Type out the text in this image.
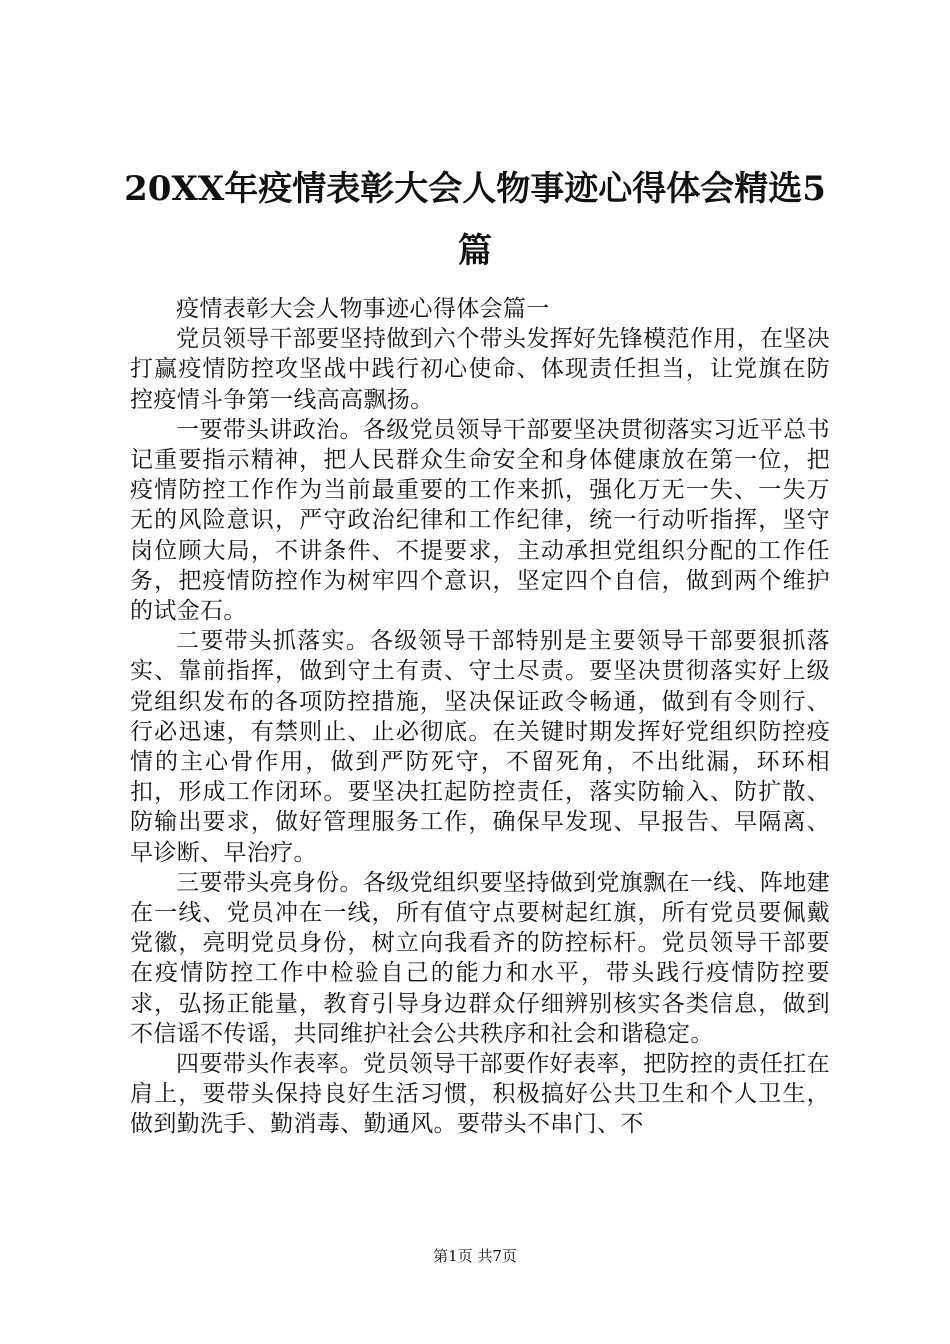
20XX年疫情表彰大会人物事迹心得体会精选5篇

疫情表彰大会人物事迹心得体会篇一

党员领导干部要坚持做到六个带头发挥好先锋模范作用，在坚决打赢疫情防控攻坚战中践行初心使命、体现责任担当，让党旗在防控疫情斗争第一线高高飘扬。

一要带头讲政治。各级党员领导干部要坚决贯彻落实习近平总书记重要指示精神，把人民群众生命安全和身体健康放在第一位，把疫情防控工作作为当前最重要的工作来抓，强化万无一失、一失万无的风险意识，严守政治纪律和工作纪律，统一行动听指挥，坚守岗位顾大局，不讲条件、不提要求，主动承担党组织分配的工作任务，把疫情防控作为树牢四个意识，坚定四个自信，做到两个维护的试金石。

二要带头抓落实。各级领导干部特别是主要领导干部要狠抓落实、靠前指挥，做到守土有责、守土尽责。要坚决贯彻落实好上级党组织发布的各项防控措施，坚决保证政令畅通，做到有令则行、行必迅速，有禁则止、止必彻底。在关键时期发挥好党组织防控疫情的主心骨作用，做到严防死守，不留死角，不出纰漏，环环相扣，形成工作闭环。要坚决扛起防控责任，落实防输入、防扩散、防输出要求，做好管理服务工作，确保早发现、早报告、早隔离、早诊断、早治疗。

三要带头亮身份。各级党组织要坚持做到党旗飘在一线、阵地建在一线、党员冲在一线，所有值守点要树起红旗，所有党员要佩戴党徽，亮明党员身份，树立向我看齐的防控标杆。党员领导干部要在疫情防控工作中检验自己的能力和水平，带头践行疫情防控要求，弘扬正能量，教育引导身边群众仔细辨别核实各类信息，做到不信谣不传谣，共同维护社会公共秩序和社会和谐稳定。

四要带头作表率。党员领导干部要作好表率，把防控的责任扛在肩上，要带头保持良好生活习惯，积极搞好公共卫生和个人卫生，做到勤洗手、勤消毒、勤通风。要带头不串门、不

第1页 共7页
